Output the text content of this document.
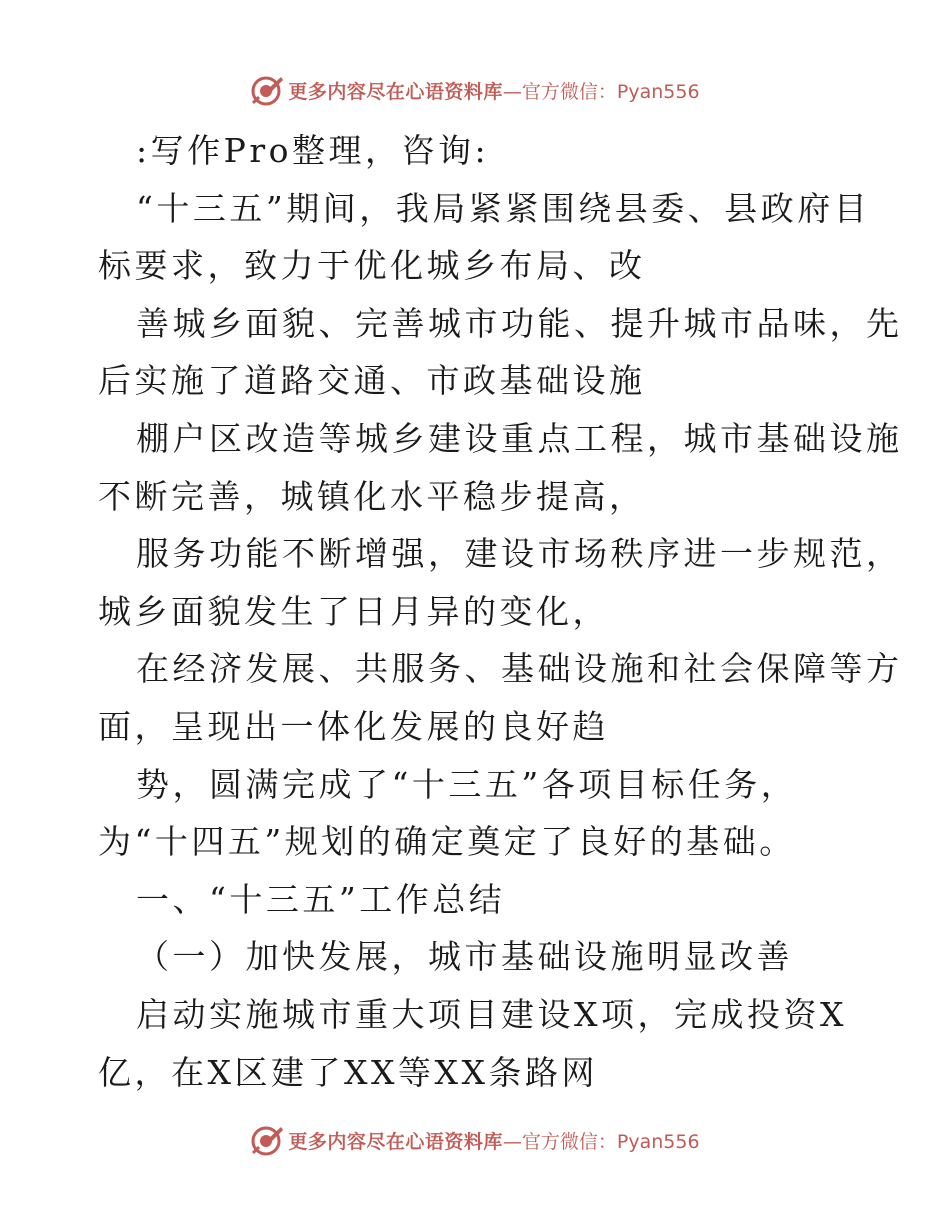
更多内容尽在心语资料库 —官方微信：Pyan556
:写作Pro整理，咨询:
“十三五”期间，我局紧紧围绕县委、县政府目
标要求，致力于优化城乡布局、改
善城乡面貌、完善城市功能、提升城市品味，先
后实施了道路交通、市政基础设施
棚户区改造等城乡建设重点工程，城市基础设施
不断完善，城镇化水平稳步提高，
服务功能不断增强，建设市场秩序进一步规范，
城乡面貌发生了日月异的变化，
在经济发展、共服务、基础设施和社会保障等方
面，呈现出一体化发展的良好趋
势，圆满完成了“十三五”各项目标任务，
为“十四五”规划的确定奠定了良好的基础。
一、“十三五”工作总结
（一）加快发展，城市基础设施明显改善
启动实施城市重大项目建设X项，完成投资X
亿，在X区建了XX等XX条路网
更多内容尽在心语资料库 —官方微信：Pyan556
